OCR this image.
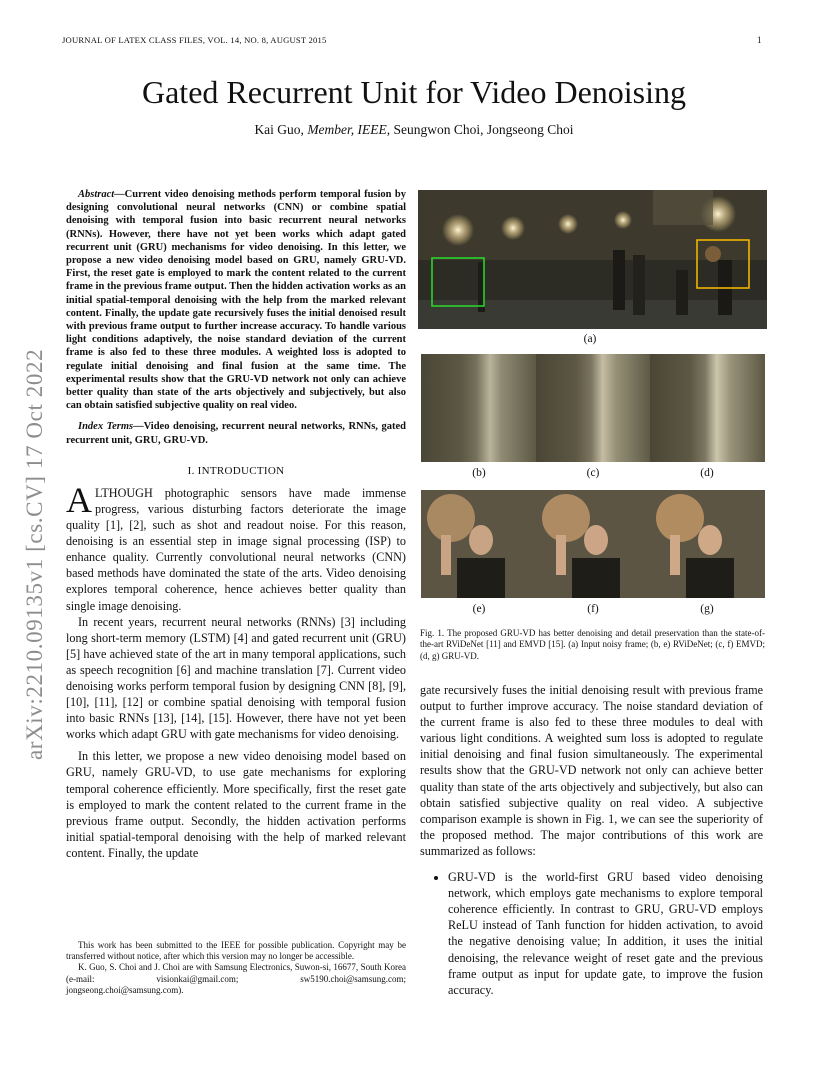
JOURNAL OF LATEX CLASS FILES, VOL. 14, NO. 8, AUGUST 2015	1
arXiv:2210.09135v1 [cs.CV] 17 Oct 2022
Gated Recurrent Unit for Video Denoising
Kai Guo, Member, IEEE, Seungwon Choi, Jongseong Choi

Abstract—Current video denoising methods perform temporal fusion by designing convolutional neural networks (CNN) or combine spatial denoising with temporal fusion into basic recurrent neural networks (RNNs). However, there have not yet been works which adapt gated recurrent unit (GRU) mechanisms for video denoising. In this letter, we propose a new video denoising model based on GRU, namely GRU-VD. First, the reset gate is employed to mark the content related to the current frame in the previous frame output. Then the hidden activation works as an initial spatial-temporal denoising with the help from the marked relevant content. Finally, the update gate recursively fuses the initial denoised result with previous frame output to further increase accuracy. To handle various light conditions adaptively, the noise standard deviation of the current frame is also fed to these three modules. A weighted loss is adopted to regulate initial denoising and final fusion at the same time. The experimental results show that the GRU-VD network not only can achieve better quality than state of the arts objectively and subjectively, but also can obtain satisfied subjective quality on real video.

Index Terms—Video denoising, recurrent neural networks, RNNs, gated recurrent unit, GRU, GRU-VD.

I. INTRODUCTION

ALTHOUGH photographic sensors have made immense progress, various disturbing factors deteriorate the image quality [1], [2], such as shot and readout noise. For this reason, denoising is an essential step in image signal processing (ISP) to enhance quality. Currently convolutional neural networks (CNN) based methods have dominated the state of the arts. Video denoising explores temporal coherence, hence achieves better quality than single image denoising.

In recent years, recurrent neural networks (RNNs) [3] including long short-term memory (LSTM) [4] and gated recurrent unit (GRU) [5] have achieved state of the art in many temporal applications, such as speech recognition [6] and machine translation [7]. Current video denoising works perform temporal fusion by designing CNN [8], [9], [10], [11], [12] or combine spatial denoising with temporal fusion into basic RNNs [13], [14], [15]. However, there have not yet been works which adapt GRU with gate mechanisms for video denoising.

In this letter, we propose a new video denoising model based on GRU, namely GRU-VD, to use gate mechanisms for exploring temporal coherence efficiently. More specifically, first the reset gate is employed to mark the content related to the current frame in the previous frame output. Secondly, the hidden activation performs initial spatial-temporal denoising with the help of marked relevant content. Finally, the update

This work has been submitted to the IEEE for possible publication. Copyright may be transferred without notice, after which this version may no longer be accessible.

K. Guo, S. Choi and J. Choi are with Samsung Electronics, Suwon-si, 16677, South Korea (e-mail: visionkai@gmail.com; sw5190.choi@samsung.com; jongseong.choi@samsung.com).

(a)
(b)	(c)	(d)
(e)	(f)	(g)
Fig. 1. The proposed GRU-VD has better denoising and detail preservation than the state-of-the-art RViDeNet [11] and EMVD [15]. (a) Input noisy frame; (b, e) RViDeNet; (c, f) EMVD; (d, g) GRU-VD.

gate recursively fuses the initial denoising result with previous frame output to further improve accuracy. The noise standard deviation of the current frame is also fed to these three modules to deal with various light conditions. A weighted sum loss is adopted to regulate initial denoising and final fusion simultaneously. The experimental results show that the GRU-VD network not only can achieve better quality than state of the arts objectively and subjectively, but also can obtain satisfied subjective quality on real video. A subjective comparison example is shown in Fig. 1, we can see the superiority of the proposed method. The major contributions of this work are summarized as follows:

• GRU-VD is the world-first GRU based video denoising network, which employs gate mechanisms to explore temporal coherence efficiently. In contrast to GRU, GRU-VD employs ReLU instead of Tanh function for hidden activation, to avoid the negative denoising value; In addition, it uses the initial denoising, the relevance weight of reset gate and the previous frame output as input for update gate, to improve the fusion accuracy.
